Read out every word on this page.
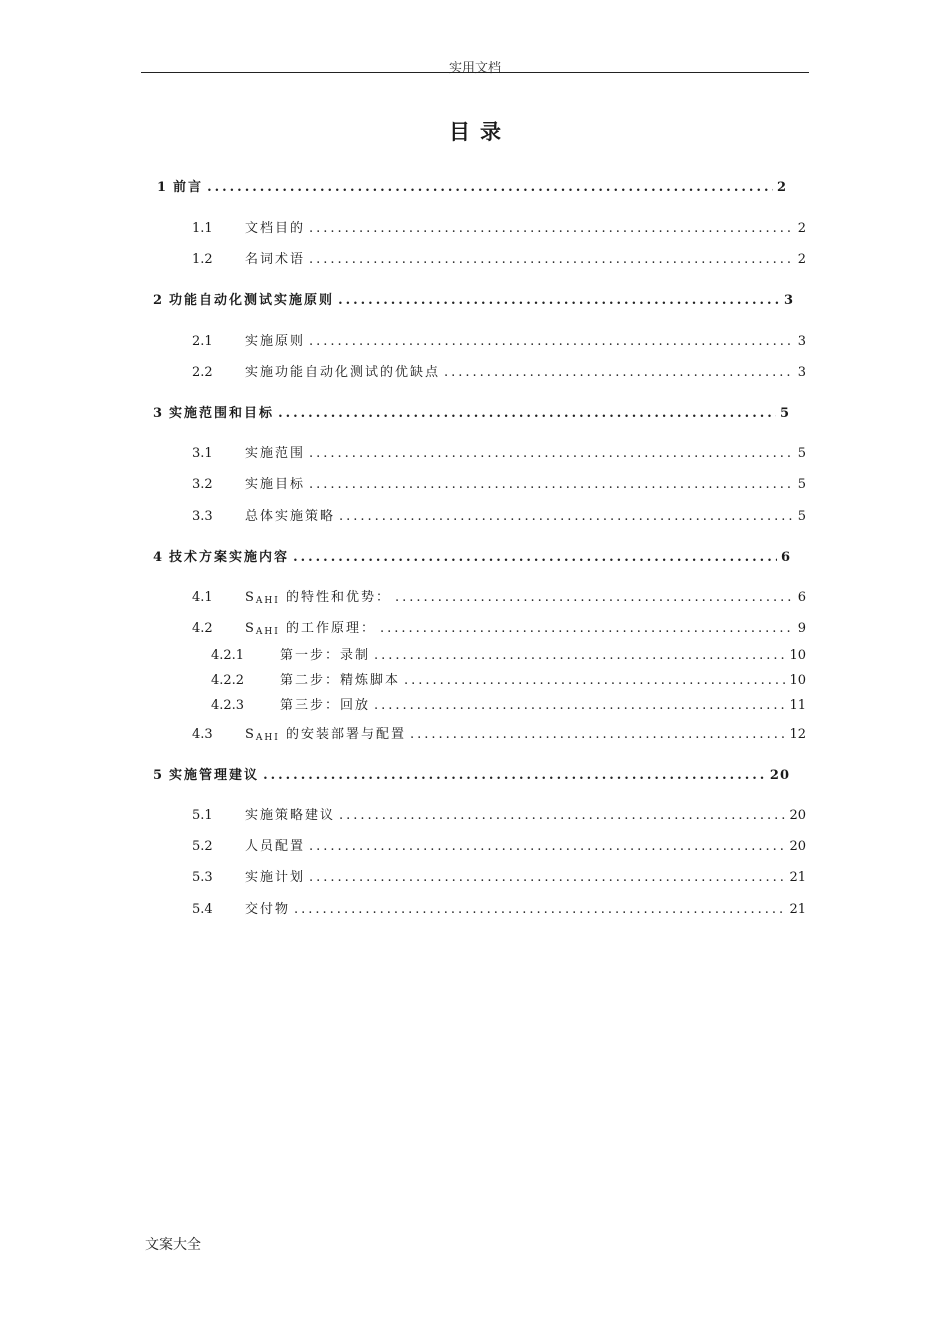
实用文档
目录
1 前言 .....	2
1.1	文档目的 .....	2
1.2	名词术语 .....	2
2 功能自动化测试实施原则 .....	3
2.1	实施原则 .....	3
2.2	实施功能自动化测试的优缺点 .....	3
3 实施范围和目标 .....	5
3.1	实施范围 .....	5
3.2	实施目标 .....	5
3.3	总体实施策略 .....	5
4 技术方案实施内容 .....	6
4.1	$S_{AHI}$ 的特性和优势： .....	6
4.2	$S_{AHI}$ 的工作原理： .....	9
4.2.1	第一步：录制 .....	10
4.2.2	第二步：精炼脚本 .....	10
4.2.3	第三步：回放 .....	11
4.3	$S_{AHI}$ 的安装部署与配置 .....	12
5 实施管理建议 .....	20
5.1	实施策略建议 .....	20
5.2	人员配置 .....	20
5.3	实施计划 .....	21
5.4	交付物 .....	21
文案大全
